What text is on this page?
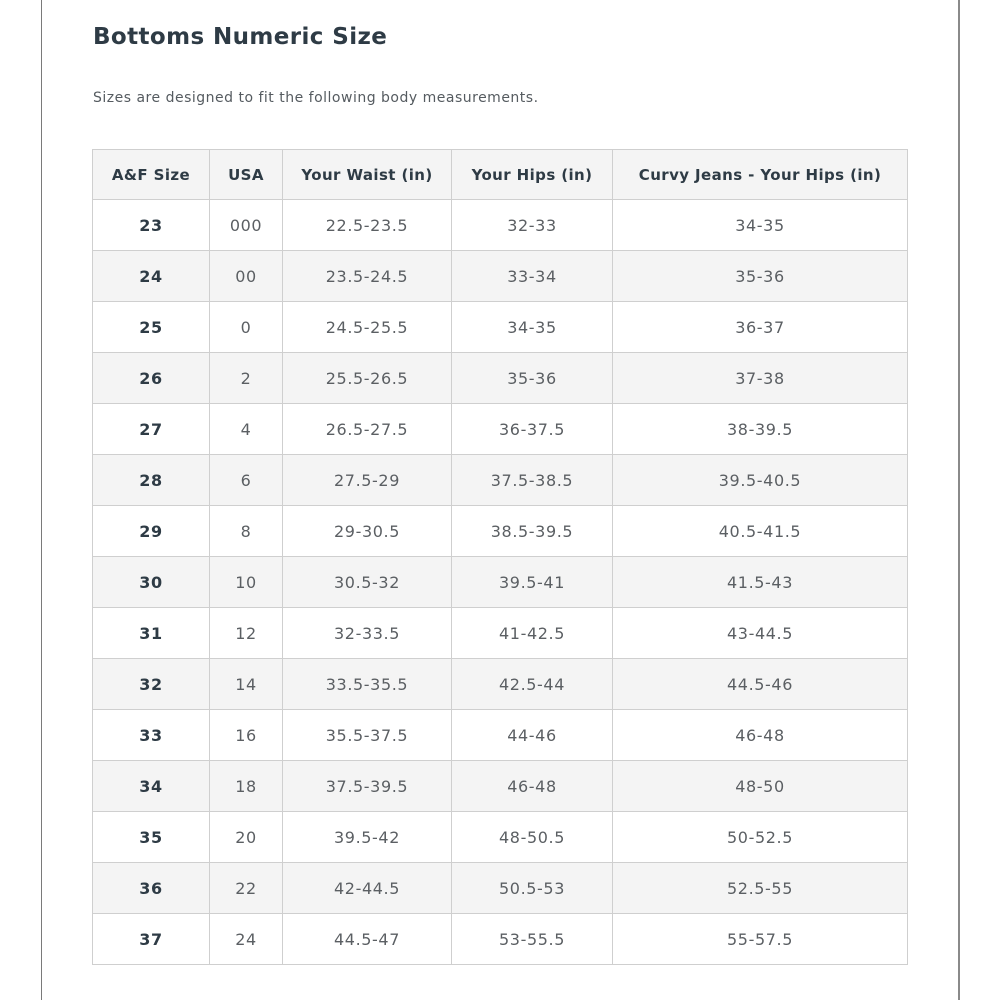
Bottoms Numeric Size

Sizes are designed to fit the following body measurements.

A&F Size	USA	Your Waist (in)	Your Hips (in)	Curvy Jeans - Your Hips (in)
23	000	22.5-23.5	32-33	34-35
24	00	23.5-24.5	33-34	35-36
25	0	24.5-25.5	34-35	36-37
26	2	25.5-26.5	35-36	37-38
27	4	26.5-27.5	36-37.5	38-39.5
28	6	27.5-29	37.5-38.5	39.5-40.5
29	8	29-30.5	38.5-39.5	40.5-41.5
30	10	30.5-32	39.5-41	41.5-43
31	12	32-33.5	41-42.5	43-44.5
32	14	33.5-35.5	42.5-44	44.5-46
33	16	35.5-37.5	44-46	46-48
34	18	37.5-39.5	46-48	48-50
35	20	39.5-42	48-50.5	50-52.5
36	22	42-44.5	50.5-53	52.5-55
37	24	44.5-47	53-55.5	55-57.5
